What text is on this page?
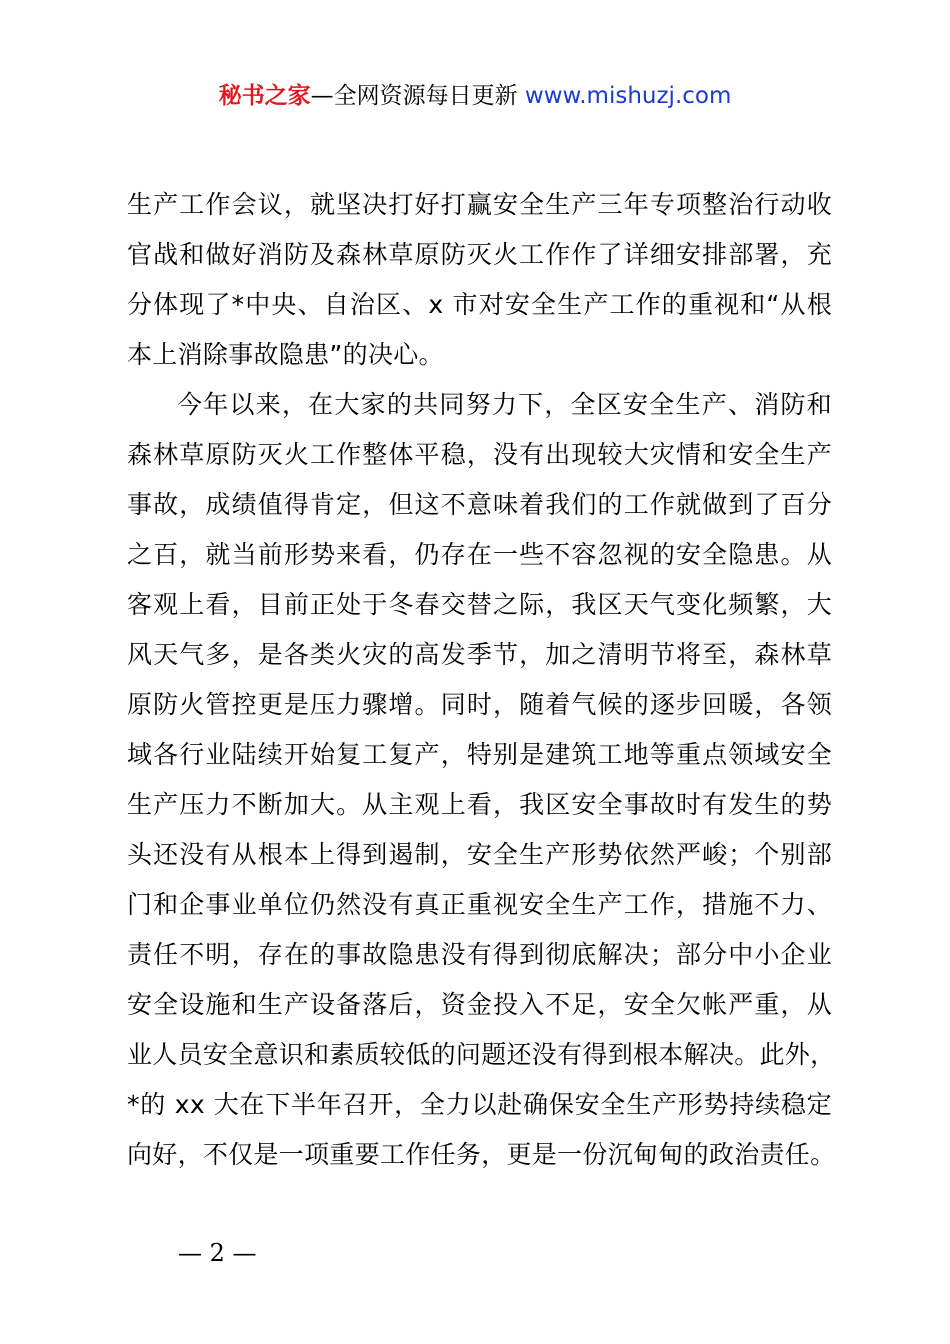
秘书之家—全网资源每日更新 www.mishuzj.com
生产工作会议，就坚决打好打赢安全生产三年专项整治行动收
官战和做好消防及森林草原防灭火工作作了详细安排部署，充
分体现了*中央、自治区、x 市对安全生产工作的重视和“从根
本上消除事故隐患”的决心。
今年以来，在大家的共同努力下，全区安全生产、消防和
森林草原防灭火工作整体平稳，没有出现较大灾情和安全生产
事故，成绩值得肯定，但这不意味着我们的工作就做到了百分
之百，就当前形势来看，仍存在一些不容忽视的安全隐患。从
客观上看，目前正处于冬春交替之际，我区天气变化频繁，大
风天气多，是各类火灾的高发季节，加之清明节将至，森林草
原防火管控更是压力骤增。同时，随着气候的逐步回暖，各领
域各行业陆续开始复工复产，特别是建筑工地等重点领域安全
生产压力不断加大。从主观上看，我区安全事故时有发生的势
头还没有从根本上得到遏制，安全生产形势依然严峻；个别部
门和企事业单位仍然没有真正重视安全生产工作，措施不力、
责任不明，存在的事故隐患没有得到彻底解决；部分中小企业
安全设施和生产设备落后，资金投入不足，安全欠帐严重，从
业人员安全意识和素质较低的问题还没有得到根本解决。此外，
*的 xx 大在下半年召开，全力以赴确保安全生产形势持续稳定
向好，不仅是一项重要工作任务，更是一份沉甸甸的政治责任。
— 2 —
